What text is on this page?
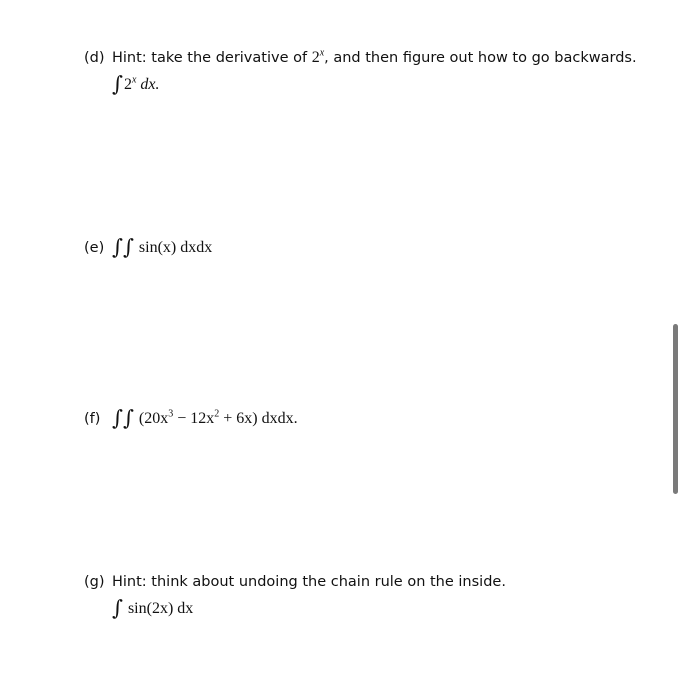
(d) Hint: take the derivative of 2$^x$, and then figure out how to go backwards.
∫2$^x$ dx.
(e) ∫∫ sin(x) dxdx
(f) ∫∫ $(20x^3 - 12x^2 + 6x)$ dxdx.
(g) Hint: think about undoing the chain rule on the inside.
∫ sin(2x) dx
